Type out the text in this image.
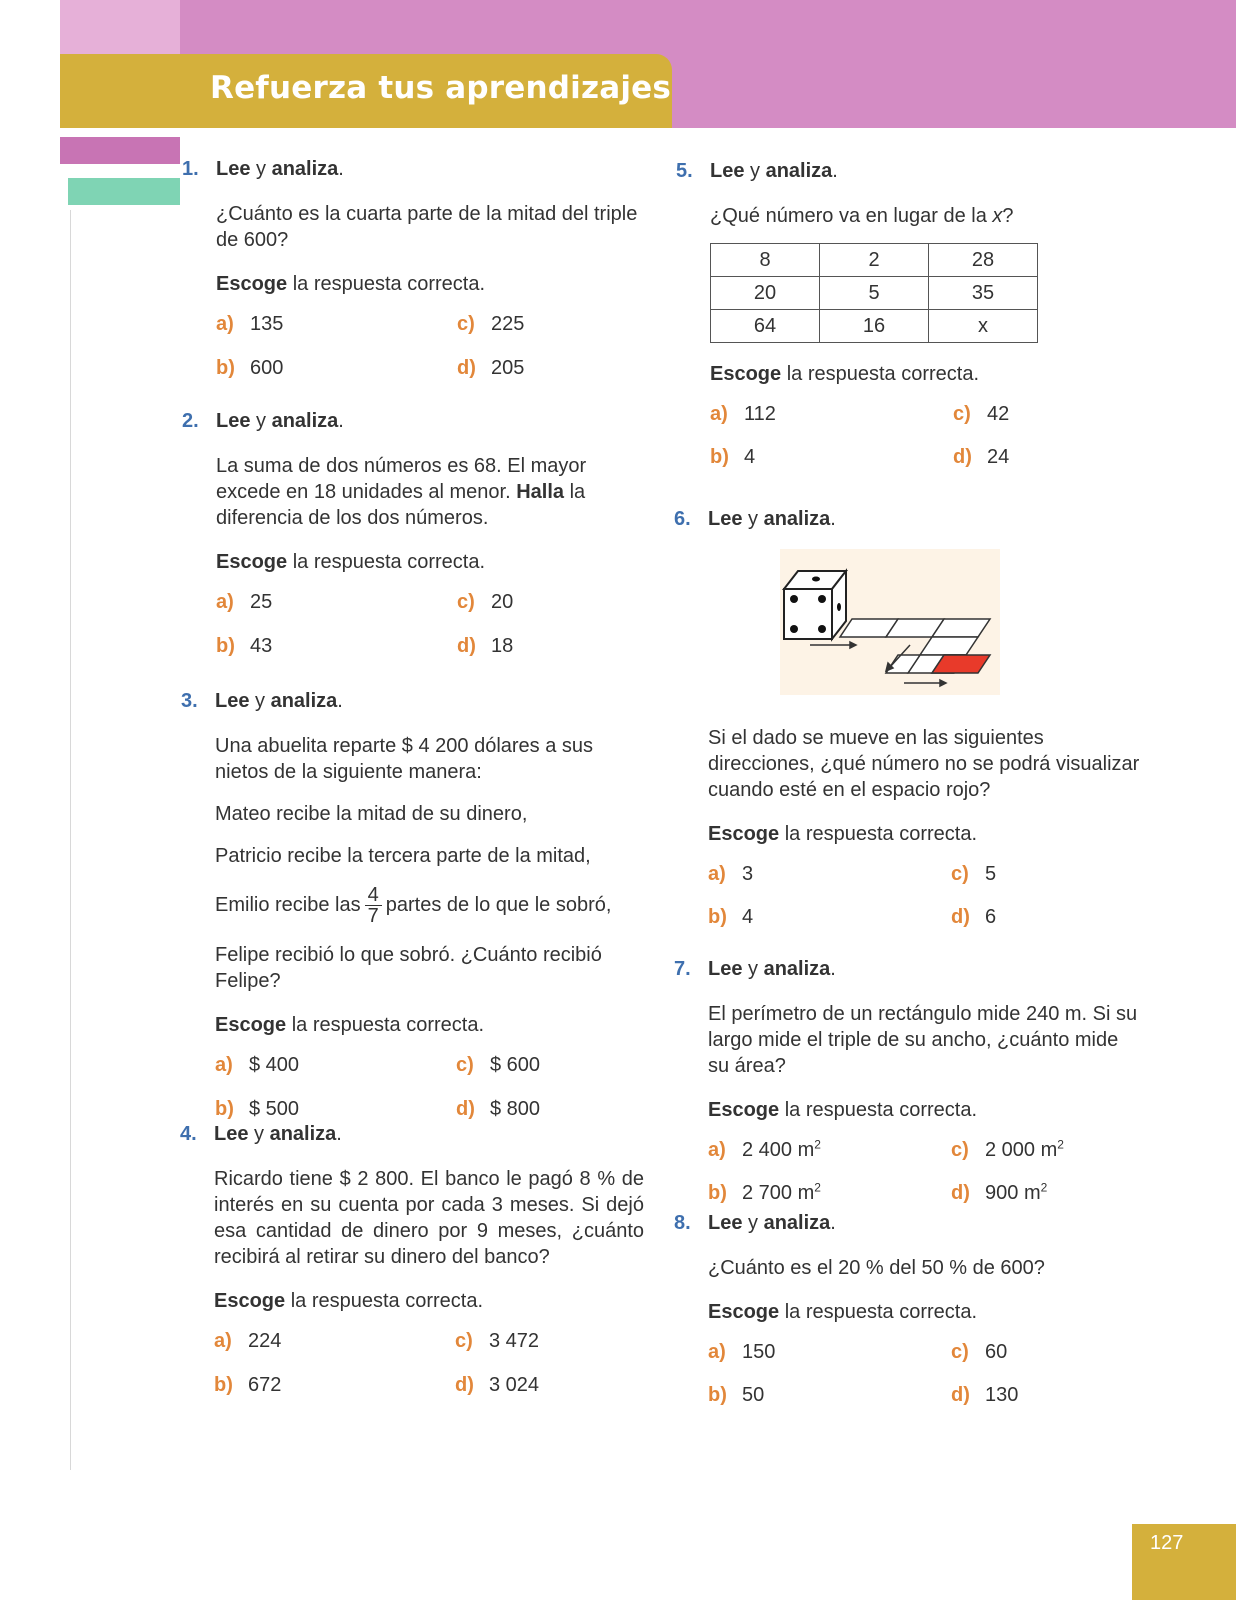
Refuerza tus aprendizajes
1. Lee y analiza.
¿Cuánto es la cuarta parte de la mitad del triple de 600?
Escoge la respuesta correcta.
a) 135
b) 600
c) 225
d) 205
2. Lee y analiza.
La suma de dos números es 68. El mayor excede en 18 unidades al menor. Halla la diferencia de los dos números.
Escoge la respuesta correcta.
a) 25
b) 43
c) 20
d) 18
3. Lee y analiza.

Una abuelita reparte $ 4 200 dólares a sus nietos de la siguiente manera:

Mateo recibe la mitad de su dinero,

Patricio recibe la tercera parte de la mitad,

Emilio recibe las $\frac{4}{7}$ partes de lo que le sobró,

Felipe recibió lo que sobró. ¿Cuánto recibió Felipe?

Escoge la respuesta correcta.
a) $ 400
b) $ 500
c) $ 600
d) $ 800
4. Lee y analiza.
Ricardo tiene $ 2 800. El banco le pagó 8 % de interés en su cuenta por cada 3 meses. Si dejó esa cantidad de dinero por 9 meses, ¿cuánto recibirá al retirar su dinero del banco?
Escoge la respuesta correcta.
a) 224
b) 672
c) 3 472
d) 3 024
5. Lee y analiza.
¿Qué número va en lugar de la x?
8	2	28
20	5	35
64	16	x
Escoge la respuesta correcta.
a) 112
b) 4
c) 42
d) 24
6. Lee y analiza.
Si el dado se mueve en las siguientes direcciones, ¿qué número no se podrá visualizar cuando esté en el espacio rojo?
Escoge la respuesta correcta.
a) 3
b) 4
c) 5
d) 6
7. Lee y analiza.
El perímetro de un rectángulo mide 240 m. Si su largo mide el triple de su ancho, ¿cuánto mide su área?
Escoge la respuesta correcta.
a) 2 400 $m^2$
b) 2 700 $m^2$
c) 2 000 $m^2$
d) 900 $m^2$
8. Lee y analiza.
¿Cuánto es el 20 % del 50 % de 600?
Escoge la respuesta correcta.
a) 150
b) 50
c) 60
d) 130
127
